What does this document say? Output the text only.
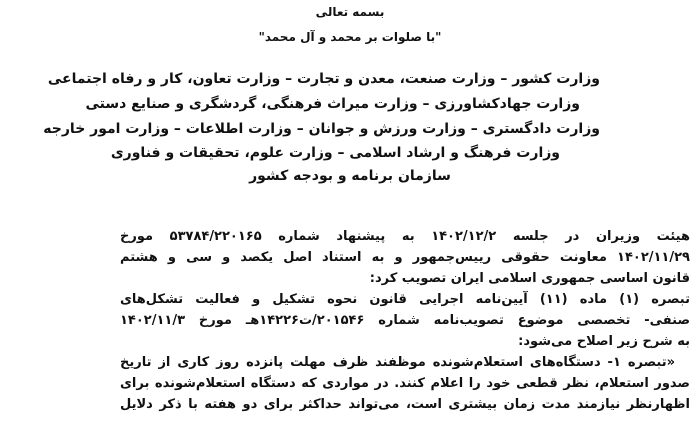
بسمه تعالی
"با صلوات بر محمد و آل محمد"
وزارت کشور – وزارت صنعت، معدن و تجارت – وزارت تعاون، کار و رفاه اجتماعی
وزارت جهادکشاورزی – وزارت میراث فرهنگی، گردشگری و صنایع دستی
وزارت دادگستری – وزارت ورزش و جوانان – وزارت اطلاعات – وزارت امور خارجه
وزارت فرهنگ و ارشاد اسلامی – وزارت علوم، تحقیقات و فناوری
سازمان برنامه و بودجه کشور
هیئت وزیران در جلسه ۱۴۰۲/۱۲/۲ به پیشنهاد شماره ۵۳۷۸۴/۲۲۰۱۶۵ مورخ
۱۴۰۲/۱۱/۲۹ معاونت حقوقی رییس‌جمهور و به استناد اصل یکصد و سی و هشتم
قانون اساسی جمهوری اسلامی ایران تصویب کرد:
تبصره (۱) ماده (۱۱) آیین‌نامه اجرایی قانون نحوه تشکیل و فعالیت تشکل‌های
صنفی- تخصصی موضوع تصویب‌نامه شماره ۲۰۱۵۴۶/ت۱۴۲۲۶هـ مورخ ۱۴۰۲/۱۱/۳
به شرح زیر اصلاح می‌شود:
«تبصره ۱- دستگاه‌های استعلام‌شونده موظفند ظرف مهلت پانزده روز کاری از تاریخ
صدور استعلام، نظر قطعی خود را اعلام کنند. در مواردی که دستگاه استعلام‌شونده برای
اظهارنظر نیازمند مدت زمان بیشتری است، می‌تواند حداکثر برای دو هفته با ذکر دلایل
